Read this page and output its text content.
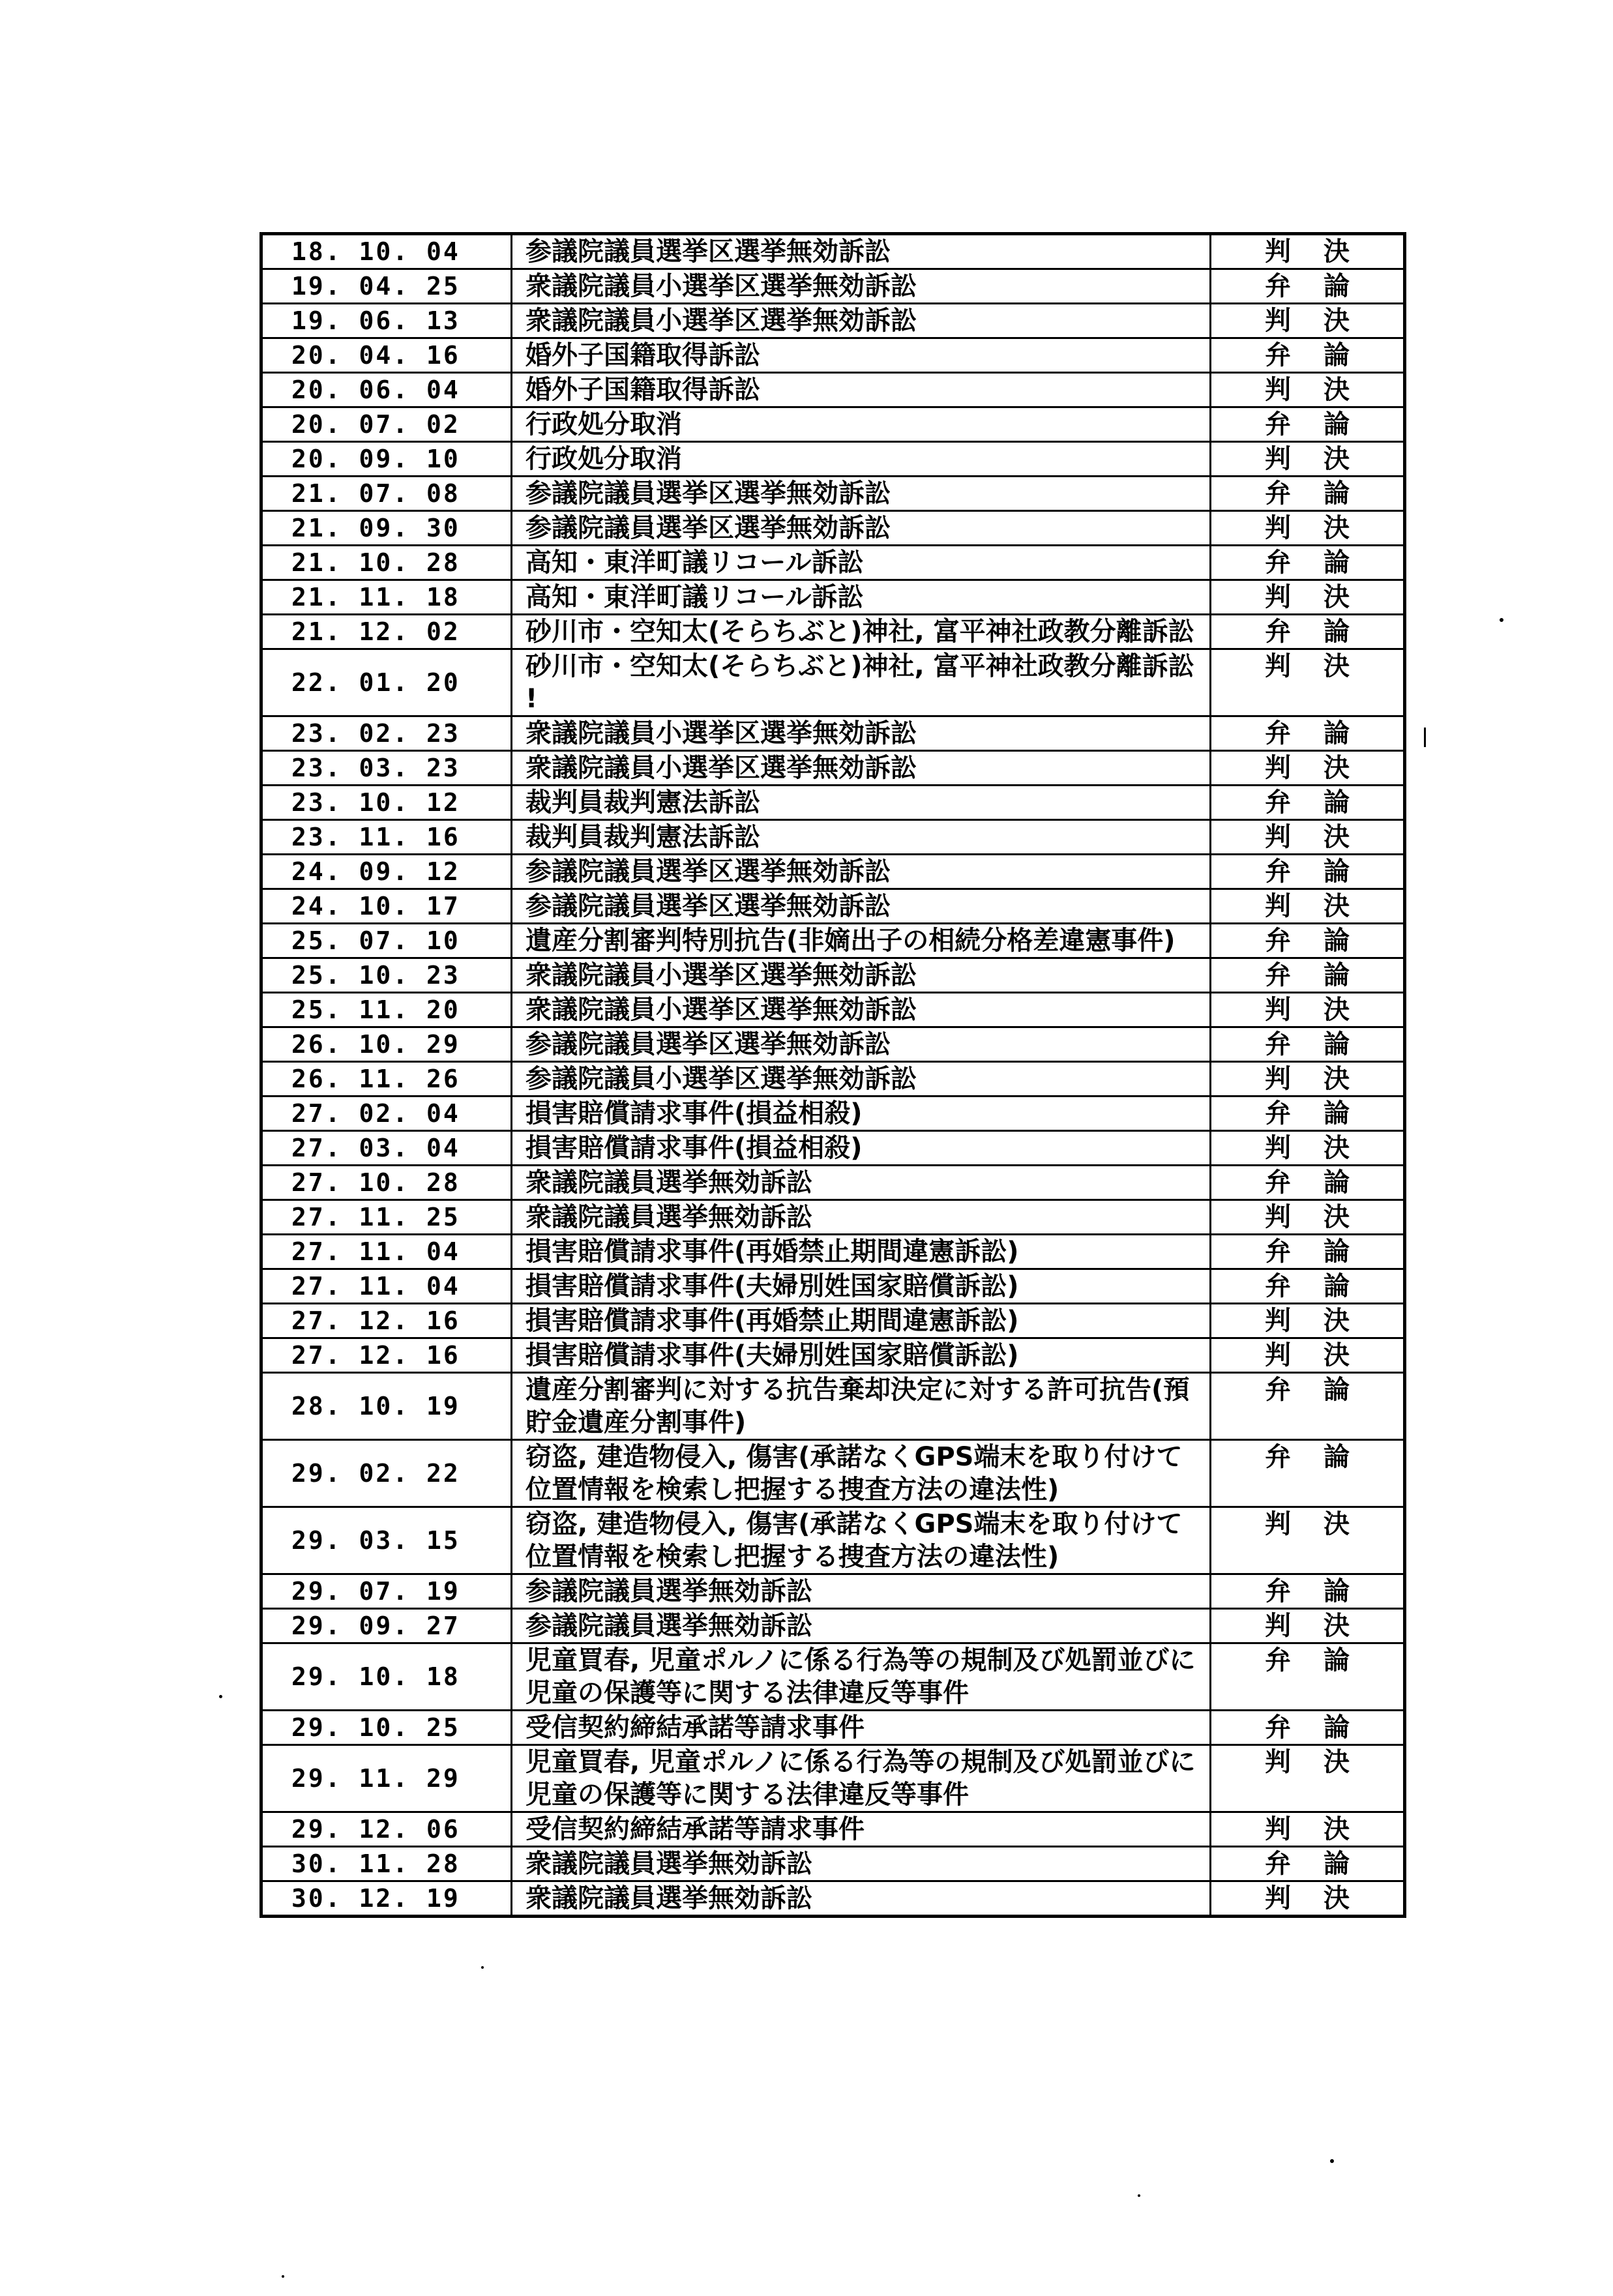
18. 10. 04	参議院議員選挙区選挙無効訴訟	判 決
19. 04. 25	衆議院議員小選挙区選挙無効訴訟	弁 論
19. 06. 13	衆議院議員小選挙区選挙無効訴訟	判 決
20. 04. 16	婚外子国籍取得訴訟	弁 論
20. 06. 04	婚外子国籍取得訴訟	判 決
20. 07. 02	行政処分取消	弁 論
20. 09. 10	行政処分取消	判 決
21. 07. 08	参議院議員選挙区選挙無効訴訟	弁 論
21. 09. 30	参議院議員選挙区選挙無効訴訟	判 決
21. 10. 28	高知・東洋町議リコール訴訟	弁 論
21. 11. 18	高知・東洋町議リコール訴訟	判 決
21. 12. 02	砂川市・空知太(そらちぶと)神社, 富平神社政教分離訴訟	弁 論
22. 01. 20	砂川市・空知太(そらちぶと)神社, 富平神社政教分離訴訟 !	判 決
23. 02. 23	衆議院議員小選挙区選挙無効訴訟	弁 論
23. 03. 23	衆議院議員小選挙区選挙無効訴訟	判 決
23. 10. 12	裁判員裁判憲法訴訟	弁 論
23. 11. 16	裁判員裁判憲法訴訟	判 決
24. 09. 12	参議院議員選挙区選挙無効訴訟	弁 論
24. 10. 17	参議院議員選挙区選挙無効訴訟	判 決
25. 07. 10	遺産分割審判特別抗告(非嫡出子の相続分格差違憲事件)	弁 論
25. 10. 23	衆議院議員小選挙区選挙無効訴訟	弁 論
25. 11. 20	衆議院議員小選挙区選挙無効訴訟	判 決
26. 10. 29	参議院議員選挙区選挙無効訴訟	弁 論
26. 11. 26	参議院議員小選挙区選挙無効訴訟	判 決
27. 02. 04	損害賠償請求事件(損益相殺)	弁 論
27. 03. 04	損害賠償請求事件(損益相殺)	判 決
27. 10. 28	衆議院議員選挙無効訴訟	弁 論
27. 11. 25	衆議院議員選挙無効訴訟	判 決
27. 11. 04	損害賠償請求事件(再婚禁止期間違憲訴訟)	弁 論
27. 11. 04	損害賠償請求事件(夫婦別姓国家賠償訴訟)	弁 論
27. 12. 16	損害賠償請求事件(再婚禁止期間違憲訴訟)	判 決
27. 12. 16	損害賠償請求事件(夫婦別姓国家賠償訴訟)	判 決
28. 10. 19	遺産分割審判に対する抗告棄却決定に対する許可抗告(預貯金遺産分割事件)	弁 論
29. 02. 22	窃盗, 建造物侵入, 傷害(承諾なくGPS端末を取り付けて位置情報を検索し把握する捜査方法の違法性)	弁 論
29. 03. 15	窃盗, 建造物侵入, 傷害(承諾なくGPS端末を取り付けて位置情報を検索し把握する捜査方法の違法性)	判 決
29. 07. 19	参議院議員選挙無効訴訟	弁 論
29. 09. 27	参議院議員選挙無効訴訟	判 決
29. 10. 18	児童買春, 児童ポルノに係る行為等の規制及び処罰並びに児童の保護等に関する法律違反等事件	弁 論
29. 10. 25	受信契約締結承諾等請求事件	弁 論
29. 11. 29	児童買春, 児童ポルノに係る行為等の規制及び処罰並びに児童の保護等に関する法律違反等事件	判 決
29. 12. 06	受信契約締結承諾等請求事件	判 決
30. 11. 28	衆議院議員選挙無効訴訟	弁 論
30. 12. 19	衆議院議員選挙無効訴訟	判 決
